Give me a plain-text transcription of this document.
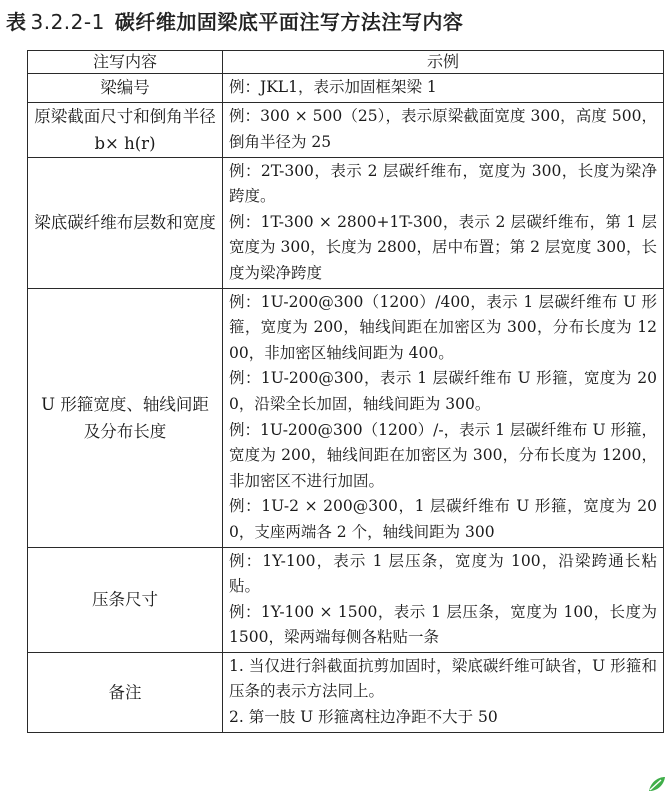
表 3.2.2-1 碳纤维加固梁底平面注写方法注写内容
注写内容	示例
梁编号	例：JKL1，表示加固框架梁 1

原梁截面尺寸和倒角半径 b× h(r)	例：300 × 500（25），表示原梁截面宽度 300，高度 500，倒角半径为 25

梁底碳纤维布层数和宽度	例：2T-300，表示 2 层碳纤维布，宽度为 300，长度为梁净跨度。

例：1T-300 × 2800+1T-300，表示 2 层碳纤维布，第 1 层宽度为 300，长度为 2800，居中布置；第 2 层宽度 300，长度为梁净跨度

U 形箍宽度、轴线间距及分布长度	例：1U-200@300（1200）/400，表示 1 层碳纤维布 U 形箍，宽度为 200，轴线间距在加密区为 300，分布长度为 1200，非加密区轴线间距为 400。

例：1U-200@300，表示 1 层碳纤维布 U 形箍，宽度为 200，沿梁全长加固，轴线间距为 300。

例：1U-200@300（1200）/-，表示 1 层碳纤维布 U 形箍，宽度为 200，轴线间距在加密区为 300，分布长度为 1200，非加密区不进行加固。

例：1U-2 × 200@300，1 层碳纤维布 U 形箍，宽度为 200，支座两端各 2 个，轴线间距为 300

压条尺寸	例：1Y-100，表示 1 层压条，宽度为 100，沿梁跨通长粘贴。

例：1Y-100 × 1500，表示 1 层压条，宽度为 100，长度为 1500，梁两端每侧各粘贴一条

备注	1. 当仅进行斜截面抗剪加固时，梁底碳纤维可缺省，U 形箍和压条的表示方法同上。

2. 第一肢 U 形箍离柱边净距不大于 50
